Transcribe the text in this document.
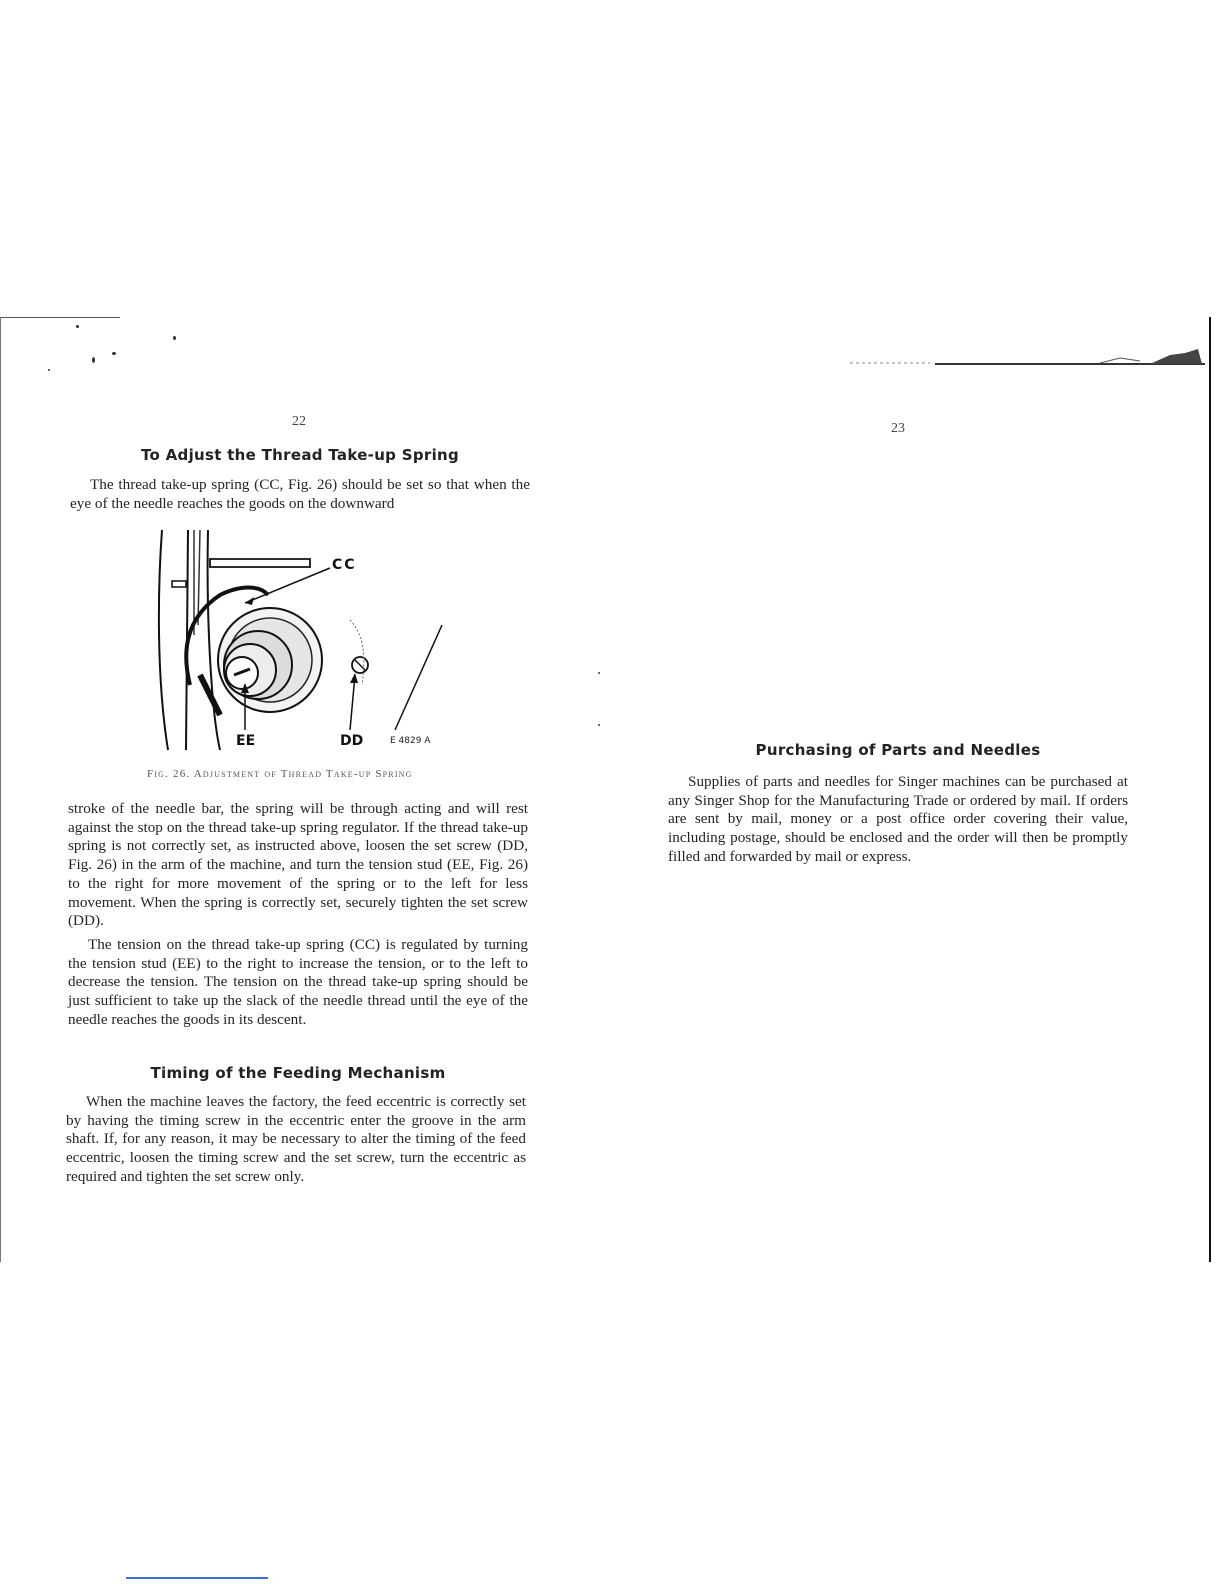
22
To Adjust the Thread Take-up Spring

The thread take-up spring (CC, Fig. 26) should be set so that when the eye of the needle reaches the goods on the downward

CC
EE	DD	E 4829 A
Fig. 26. Adjustment of Thread Take-up Spring

stroke of the needle bar, the spring will be through acting and will rest against the stop on the thread take-up spring regulator. If the thread take-up spring is not correctly set, as instructed above, loosen the set screw (DD, Fig. 26) in the arm of the machine, and turn the tension stud (EE, Fig. 26) to the right for more movement of the spring or to the left for less movement. When the spring is correctly set, securely tighten the set screw (DD).

The tension on the thread take-up spring (CC) is regulated by turning the tension stud (EE) to the right to increase the tension, or to the left to decrease the tension. The tension on the thread take-up spring should be just sufficient to take up the slack of the needle thread until the eye of the needle reaches the goods in its descent.

Timing of the Feeding Mechanism

When the machine leaves the factory, the feed eccentric is correctly set by having the timing screw in the eccentric enter the groove in the arm shaft. If, for any reason, it may be necessary to alter the timing of the feed eccentric, loosen the timing screw and the set screw, turn the eccentric as required and tighten the set screw only.

23
Purchasing of Parts and Needles

Supplies of parts and needles for Singer machines can be purchased at any Singer Shop for the Manufacturing Trade or ordered by mail. If orders are sent by mail, money or a post office order covering their value, including postage, should be enclosed and the order will then be promptly filled and forwarded by mail or express.
